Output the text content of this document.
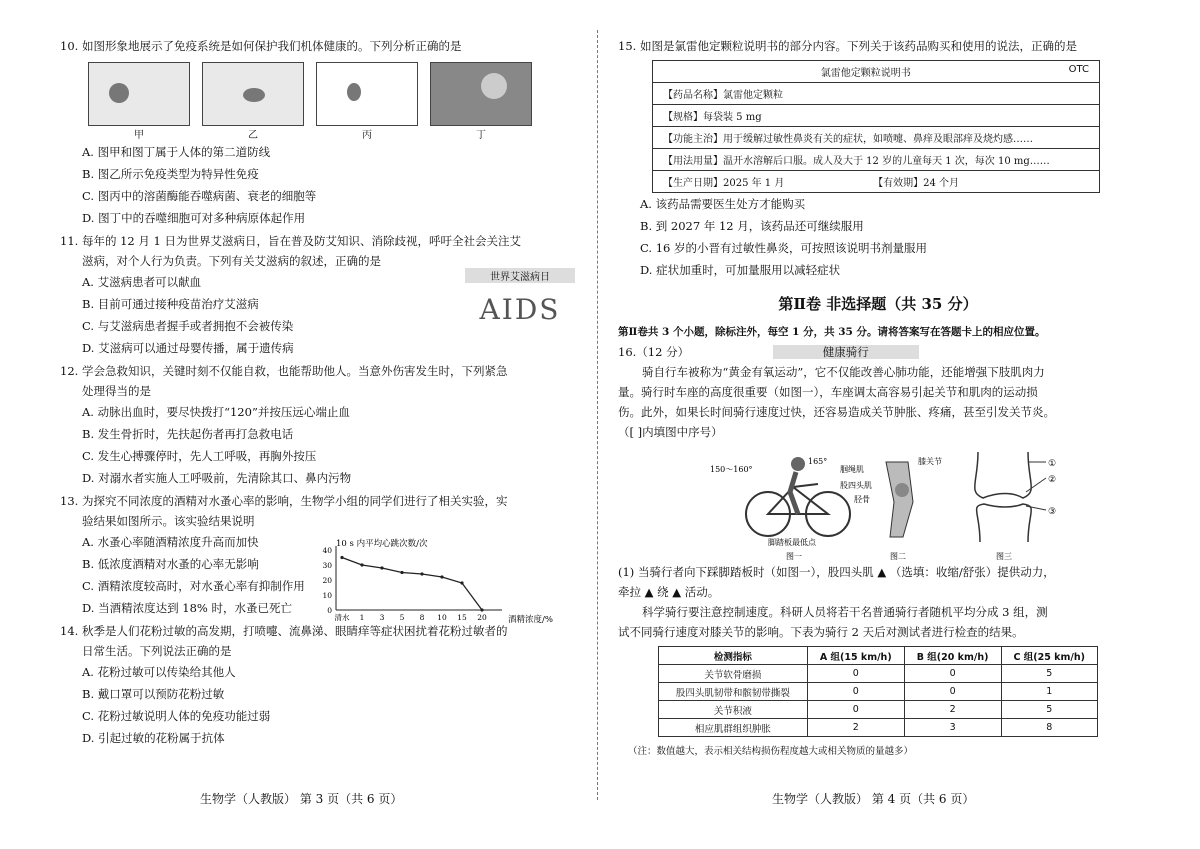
10. 如图形象地展示了免疫系统是如何保护我们机体健康的。下列分析正确的是
甲	乙	丙	丁
A. 图甲和图丁属于人体的第二道防线
B. 图乙所示免疫类型为特异性免疫
C. 图丙中的溶菌酶能吞噬病菌、衰老的细胞等
D. 图丁中的吞噬细胞可对多种病原体起作用
11. 每年的 12 月 1 日为世界艾滋病日，旨在普及防艾知识、消除歧视，呼吁全社会关注艾
滋病，对个人行为负责。下列有关艾滋病的叙述，正确的是
A. 艾滋病患者可以献血
B. 目前可通过接种疫苗治疗艾滋病
C. 与艾滋病患者握手或者拥抱不会被传染
D. 艾滋病可以通过母婴传播，属于遗传病
12. 学会急救知识，关键时刻不仅能自救，也能帮助他人。当意外伤害发生时，下列紧急
处理得当的是
A. 动脉出血时，要尽快拨打“120”并按压远心端止血
B. 发生骨折时，先扶起伤者再打急救电话
C. 发生心搏骤停时，先人工呼吸，再胸外按压
D. 对溺水者实施人工呼吸前，先清除其口、鼻内污物
13. 为探究不同浓度的酒精对水蚤心率的影响，生物学小组的同学们进行了相关实验，实
验结果如图所示。该实验结果说明
A. 水蚤心率随酒精浓度升高而加快
B. 低浓度酒精对水蚤的心率无影响
C. 酒精浓度较高时，对水蚤心率有抑制作用
D. 当酒精浓度达到 18% 时，水蚤已死亡
14. 秋季是人们花粉过敏的高发期，打喷嚏、流鼻涕、眼睛痒等症状困扰着花粉过敏者的
日常生活。下列说法正确的是
A. 花粉过敏可以传染给其他人
B. 戴口罩可以预防花粉过敏
C. 花粉过敏说明人体的免疫功能过弱
D. 引起过敏的花粉属于抗体
世界艾滋病日
AIDS
10 s 内平均心跳次数/次
酒精浓度/%
0
10
20
30
40
清水 1 3 5 8 10 15 20
生物学（人教版） 第 3 页（共 6 页）
15. 如图是氯雷他定颗粒说明书的部分内容。下列关于该药品购买和使用的说法，正确的是
氯雷他定颗粒说明书	OTC
【药品名称】氯雷他定颗粒
【规格】每袋装 5 mg
【功能主治】用于缓解过敏性鼻炎有关的症状，如喷嚏、鼻痒及眼部痒及烧灼感……
【用法用量】温开水溶解后口服。成人及大于 12 岁的儿童每天 1 次，每次 10 mg……
【生产日期】2025 年 1 月	【有效期】24 个月
A. 该药品需要医生处方才能购买
B. 到 2027 年 12 月，该药品还可继续服用
C. 16 岁的小晋有过敏性鼻炎，可按照该说明书剂量服用
D. 症状加重时，可加量服用以减轻症状
第Ⅱ卷 非选择题（共 35 分）
第Ⅱ卷共 3 个小题，除标注外，每空 1 分，共 35 分。请将答案写在答题卡上的相应位置。
16.（12 分）	健康骑行
骑自行车被称为“黄金有氧运动”，它不仅能改善心肺功能，还能增强下肢肌肉力
量。骑行时车座的高度很重要（如图一），车座调太高容易引起关节和肌肉的运动损
伤。此外，如果长时间骑行速度过快，还容易造成关节肿胀、疼痛，甚至引发关节炎。
（[ ]内填图中序号）
150～160°
165°
脚踏板最低点
图一
腘绳肌
膝关节
股四头肌
胫骨
图二
①
②
③
图三
(1) 当骑行者向下踩脚踏板时（如图一），股四头肌 ▲ （选填：收缩/舒张）提供动力，
牵拉 ▲ 绕 ▲ 活动。
科学骑行要注意控制速度。科研人员将若干名普通骑行者随机平均分成 3 组，测
试不同骑行速度对膝关节的影响。下表为骑行 2 天后对测试者进行检查的结果。
检测指标	A 组(15 km/h)	B 组(20 km/h)	C 组(25 km/h)
关节软骨磨损	0	0	5
股四头肌韧带和髌韧带撕裂	0	0	1
关节积液	0	2	5
相应肌群组织肿胀	2	3	8
（注：数值越大，表示相关结构损伤程度越大或相关物质的量越多）
生物学（人教版） 第 4 页（共 6 页）
